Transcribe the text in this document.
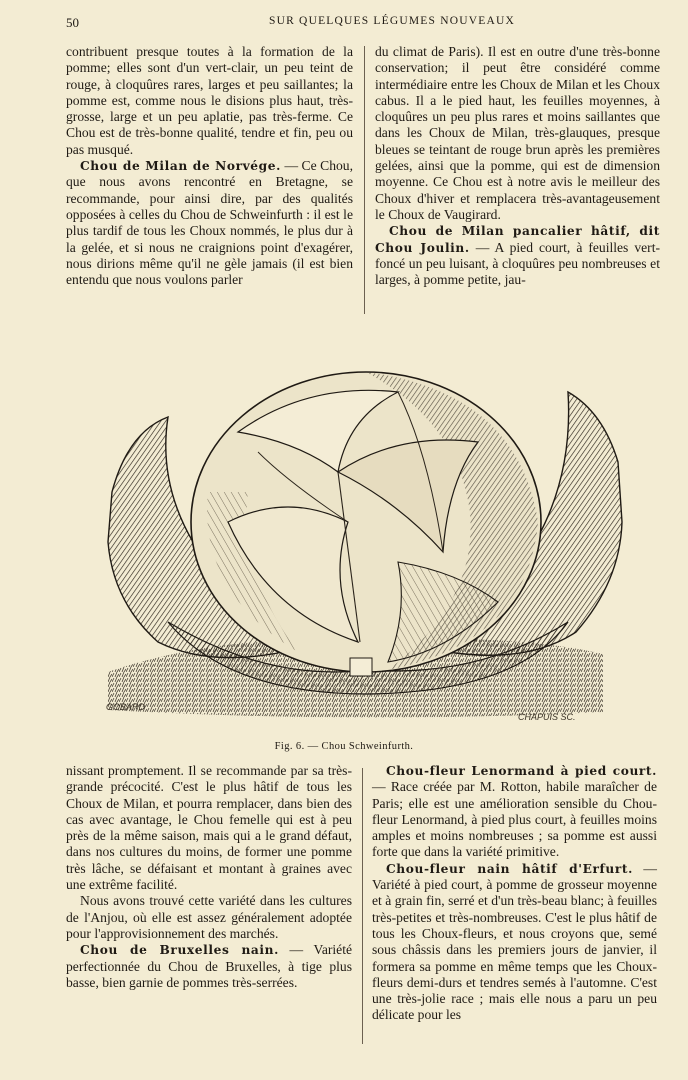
50	SUR QUELQUES LÉGUMES NOUVEAUX

contribuent presque toutes à la formation de la pomme; elles sont d'un vert-clair, un peu teint de rouge, à cloquûres rares, larges et peu saillantes; la pomme est, comme nous le disions plus haut, très-grosse, large et un peu aplatie, pas très-ferme. Ce Chou est de très-bonne qualité, tendre et fin, peu ou pas musqué.

Chou de Milan de Norvége. — Ce Chou, que nous avons rencontré en Bretagne, se recommande, pour ainsi dire, par des qualités opposées à celles du Chou de Schweinfurth : il est le plus tardif de tous les Choux nommés, le plus dur à la gelée, et si nous ne craignions point d'exagérer, nous dirions même qu'il ne gèle jamais (il est bien entendu que nous voulons parler

du climat de Paris). Il est en outre d'une très-bonne conservation; il peut être considéré comme intermédiaire entre les Choux de Milan et les Choux cabus. Il a le pied haut, les feuilles moyennes, à cloquûres un peu plus rares et moins saillantes que dans les Choux de Milan, très-glauques, presque bleues se teintant de rouge brun après les premières gelées, ainsi que la pomme, qui est de dimension moyenne. Ce Chou est à notre avis le meilleur des Choux d'hiver et remplacera très-avantageusement le Choux de Vaugirard.

Chou de Milan pancalier hâtif, dit Chou Joulin. — A pied court, à feuilles vert-foncé un peu luisant, à cloquûres peu nombreuses et larges, à pomme petite, jau-

GOBARD
CHAPUIS SC.
Fig. 6. — Chou Schweinfurth.

nissant promptement. Il se recommande par sa très-grande précocité. C'est le plus hâtif de tous les Choux de Milan, et pourra remplacer, dans bien des cas avec avantage, le Chou femelle qui est à peu près de la même saison, mais qui a le grand défaut, dans nos cultures du moins, de former une pomme très lâche, se défaisant et montant à graines avec une extrême facilité.

Nous avons trouvé cette variété dans les cultures de l'Anjou, où elle est assez généralement adoptée pour l'approvisionnement des marchés.

Chou de Bruxelles nain. — Variété perfectionnée du Chou de Bruxelles, à tige plus basse, bien garnie de pommes très-serrées.

Chou-fleur Lenormand à pied court. — Race créée par M. Rotton, habile maraîcher de Paris; elle est une amélioration sensible du Chou-fleur Lenormand, à pied plus court, à feuilles moins amples et moins nombreuses ; sa pomme est aussi forte que dans la variété primitive.

Chou-fleur nain hâtif d'Erfurt. — Variété à pied court, à pomme de grosseur moyenne et à grain fin, serré et d'un très-beau blanc; à feuilles très-petites et très-nombreuses. C'est le plus hâtif de tous les Choux-fleurs, et nous croyons que, semé sous châssis dans les premiers jours de janvier, il formera sa pomme en même temps que les Choux-fleurs demi-durs et tendres semés à l'automne. C'est une très-jolie race ; mais elle nous a paru un peu délicate pour les
